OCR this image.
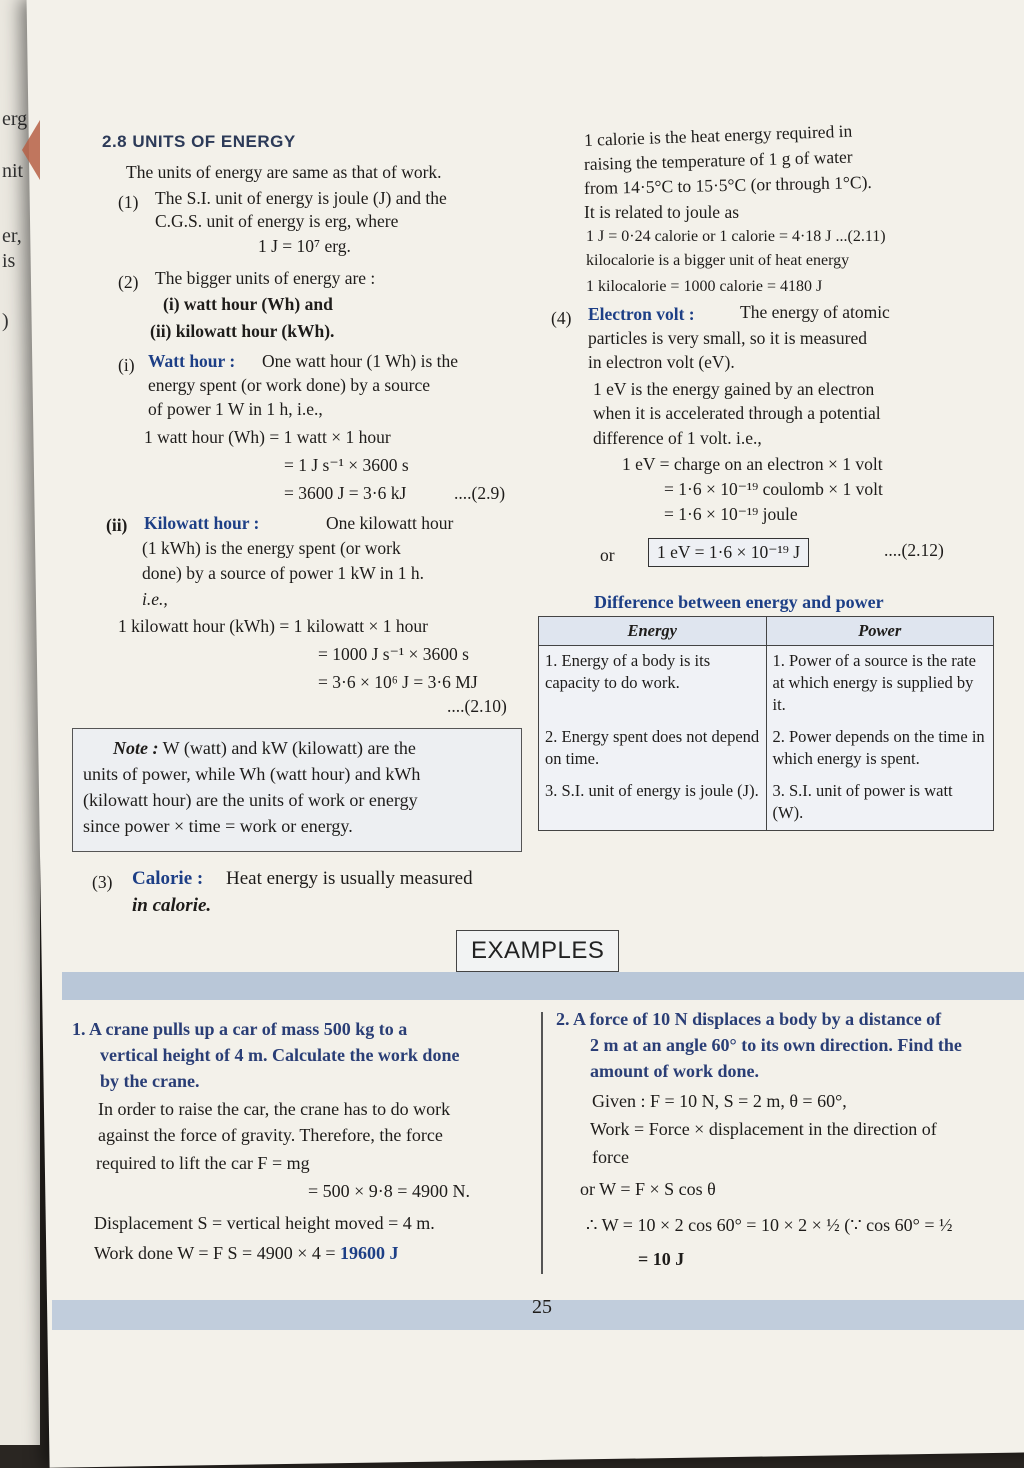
erg
nit
er,
is
)
2.8 UNITS OF ENERGY
The units of energy are same as that of work.
(1) The S.I. unit of energy is joule (J) and the
C.G.S. unit of energy is erg, where
1 J = 10⁷ erg.
(2) The bigger units of energy are :
(i) watt hour (Wh) and
(ii) kilowatt hour (kWh).
(i) Watt hour : One watt hour (1 Wh) is the
energy spent (or work done) by a source
of power 1 W in 1 h, i.e.,
1 watt hour (Wh) = 1 watt × 1 hour
= 1 J s⁻¹ × 3600 s
= 3600 J = 3·6 kJ	....(2.9)
(ii) Kilowatt hour :	One kilowatt hour
(1 kWh) is the energy spent (or work
done) by a source of power 1 kW in 1 h.
i.e.,
1 kilowatt hour (kWh) = 1 kilowatt × 1 hour
= 1000 J s⁻¹ × 3600 s
= 3·6 × 10⁶ J = 3·6 MJ
....(2.10)
Note : W (watt) and kW (kilowatt) are the
units of power, while Wh (watt hour) and kWh
(kilowatt hour) are the units of work or energy
since power × time = work or energy.
(3) Calorie : Heat energy is usually measured
in calorie.
1 calorie is the heat energy required in
raising the temperature of 1 g of water
from 14·5°C to 15·5°C (or through 1°C).
It is related to joule as
1 J = 0·24 calorie or 1 calorie = 4·18 J ...(2.11)
kilocalorie is a bigger unit of heat energy
1 kilocalorie = 1000 calorie = 4180 J
(4) Electron volt :	The energy of atomic
particles is very small, so it is measured
in electron volt (eV).
1 eV is the energy gained by an electron
when it is accelerated through a potential
difference of 1 volt. i.e.,
1 eV = charge on an electron × 1 volt
= 1·6 × 10⁻¹⁹ coulomb × 1 volt
= 1·6 × 10⁻¹⁹ joule
or	1 eV = 1·6 × 10⁻¹⁹ J	....(2.12)
Difference between energy and power
Energy	Power
1. Energy of a body is its capacity to do work.	1. Power of a source is the rate at which energy is supplied by it.
2. Energy spent does not depend on time.	2. Power depends on the time in which energy is spent.
3. S.I. unit of energy is joule (J).	3. S.I. unit of power is watt (W).
EXAMPLES
1. A crane pulls up a car of mass 500 kg to a
vertical height of 4 m. Calculate the work done
by the crane.
In order to raise the car, the crane has to do work
against the force of gravity. Therefore, the force
required to lift the car F = mg
= 500 × 9·8 = 4900 N.
Displacement S = vertical height moved = 4 m.
Work done W = F S = 4900 × 4 = 19600 J
2. A force of 10 N displaces a body by a distance of
2 m at an angle 60° to its own direction. Find the
amount of work done.
Given : F = 10 N, S = 2 m, θ = 60°,
Work = Force × displacement in the direction of
force
or W = F × S cos θ
∴ W = 10 × 2 cos 60° = 10 × 2 × ½ (∵ cos 60° = ½
= 10 J
25
